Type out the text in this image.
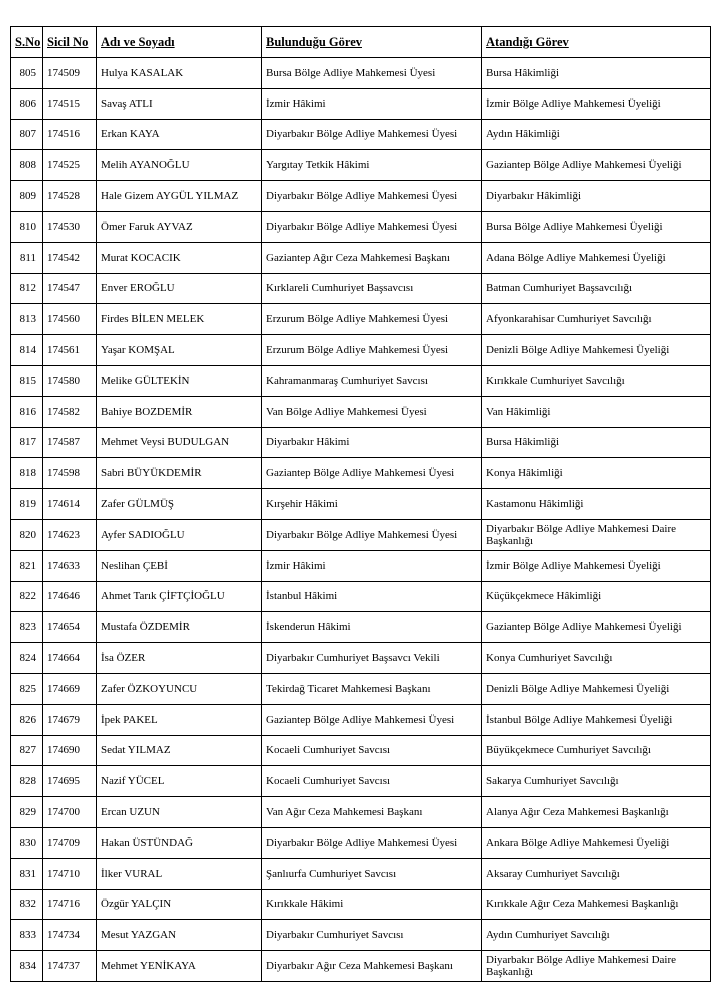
S.No	Sicil No	Adı ve Soyadı	Bulunduğu Görev	Atandığı Görev
805	174509	Hulya KASALAK	Bursa Bölge Adliye Mahkemesi Üyesi	Bursa Hâkimliği
806	174515	Savaş ATLI	İzmir Hâkimi	İzmir Bölge Adliye Mahkemesi Üyeliği
807	174516	Erkan KAYA	Diyarbakır Bölge Adliye Mahkemesi Üyesi	Aydın Hâkimliği
808	174525	Melih AYANOĞLU	Yargıtay Tetkik Hâkimi	Gaziantep Bölge Adliye Mahkemesi Üyeliği
809	174528	Hale Gizem AYGÜL YILMAZ	Diyarbakır Bölge Adliye Mahkemesi Üyesi	Diyarbakır Hâkimliği
810	174530	Ömer Faruk AYVAZ	Diyarbakır Bölge Adliye Mahkemesi Üyesi	Bursa Bölge Adliye Mahkemesi Üyeliği
811	174542	Murat KOCACIK	Gaziantep Ağır Ceza Mahkemesi Başkanı	Adana Bölge Adliye Mahkemesi Üyeliği
812	174547	Enver EROĞLU	Kırklareli Cumhuriyet Başsavcısı	Batman Cumhuriyet Başsavcılığı
813	174560	Firdes BİLEN MELEK	Erzurum Bölge Adliye Mahkemesi Üyesi	Afyonkarahisar Cumhuriyet Savcılığı
814	174561	Yaşar KOMŞAL	Erzurum Bölge Adliye Mahkemesi Üyesi	Denizli Bölge Adliye Mahkemesi Üyeliği
815	174580	Melike GÜLTEKİN	Kahramanmaraş Cumhuriyet Savcısı	Kırıkkale Cumhuriyet Savcılığı
816	174582	Bahiye BOZDEMİR	Van Bölge Adliye Mahkemesi Üyesi	Van Hâkimliği
817	174587	Mehmet Veysi BUDULGAN	Diyarbakır Hâkimi	Bursa Hâkimliği
818	174598	Sabri BÜYÜKDEMİR	Gaziantep Bölge Adliye Mahkemesi Üyesi	Konya Hâkimliği
819	174614	Zafer GÜLMÜŞ	Kırşehir Hâkimi	Kastamonu Hâkimliği
820	174623	Ayfer SADIOĞLU	Diyarbakır Bölge Adliye Mahkemesi Üyesi	Diyarbakır Bölge Adliye Mahkemesi Daire Başkanlığı
821	174633	Neslihan ÇEBİ	İzmir Hâkimi	İzmir Bölge Adliye Mahkemesi Üyeliği
822	174646	Ahmet Tarık ÇİFTÇİOĞLU	İstanbul Hâkimi	Küçükçekmece Hâkimliği
823	174654	Mustafa ÖZDEMİR	İskenderun Hâkimi	Gaziantep Bölge Adliye Mahkemesi Üyeliği
824	174664	İsa ÖZER	Diyarbakır Cumhuriyet Başsavcı Vekili	Konya Cumhuriyet Savcılığı
825	174669	Zafer ÖZKOYUNCU	Tekirdağ Ticaret Mahkemesi Başkanı	Denizli Bölge Adliye Mahkemesi Üyeliği
826	174679	İpek PAKEL	Gaziantep Bölge Adliye Mahkemesi Üyesi	İstanbul Bölge Adliye Mahkemesi Üyeliği
827	174690	Sedat YILMAZ	Kocaeli Cumhuriyet Savcısı	Büyükçekmece Cumhuriyet Savcılığı
828	174695	Nazif YÜCEL	Kocaeli Cumhuriyet Savcısı	Sakarya Cumhuriyet Savcılığı
829	174700	Ercan UZUN	Van Ağır Ceza Mahkemesi Başkanı	Alanya Ağır Ceza Mahkemesi Başkanlığı
830	174709	Hakan ÜSTÜNDAĞ	Diyarbakır Bölge Adliye Mahkemesi Üyesi	Ankara Bölge Adliye Mahkemesi Üyeliği
831	174710	İlker VURAL	Şanlıurfa Cumhuriyet Savcısı	Aksaray Cumhuriyet Savcılığı
832	174716	Özgür YALÇIN	Kırıkkale Hâkimi	Kırıkkale Ağır Ceza Mahkemesi Başkanlığı
833	174734	Mesut YAZGAN	Diyarbakır Cumhuriyet Savcısı	Aydın Cumhuriyet Savcılığı
834	174737	Mehmet YENİKAYA	Diyarbakır Ağır Ceza Mahkemesi Başkanı	Diyarbakır Bölge Adliye Mahkemesi Daire Başkanlığı
